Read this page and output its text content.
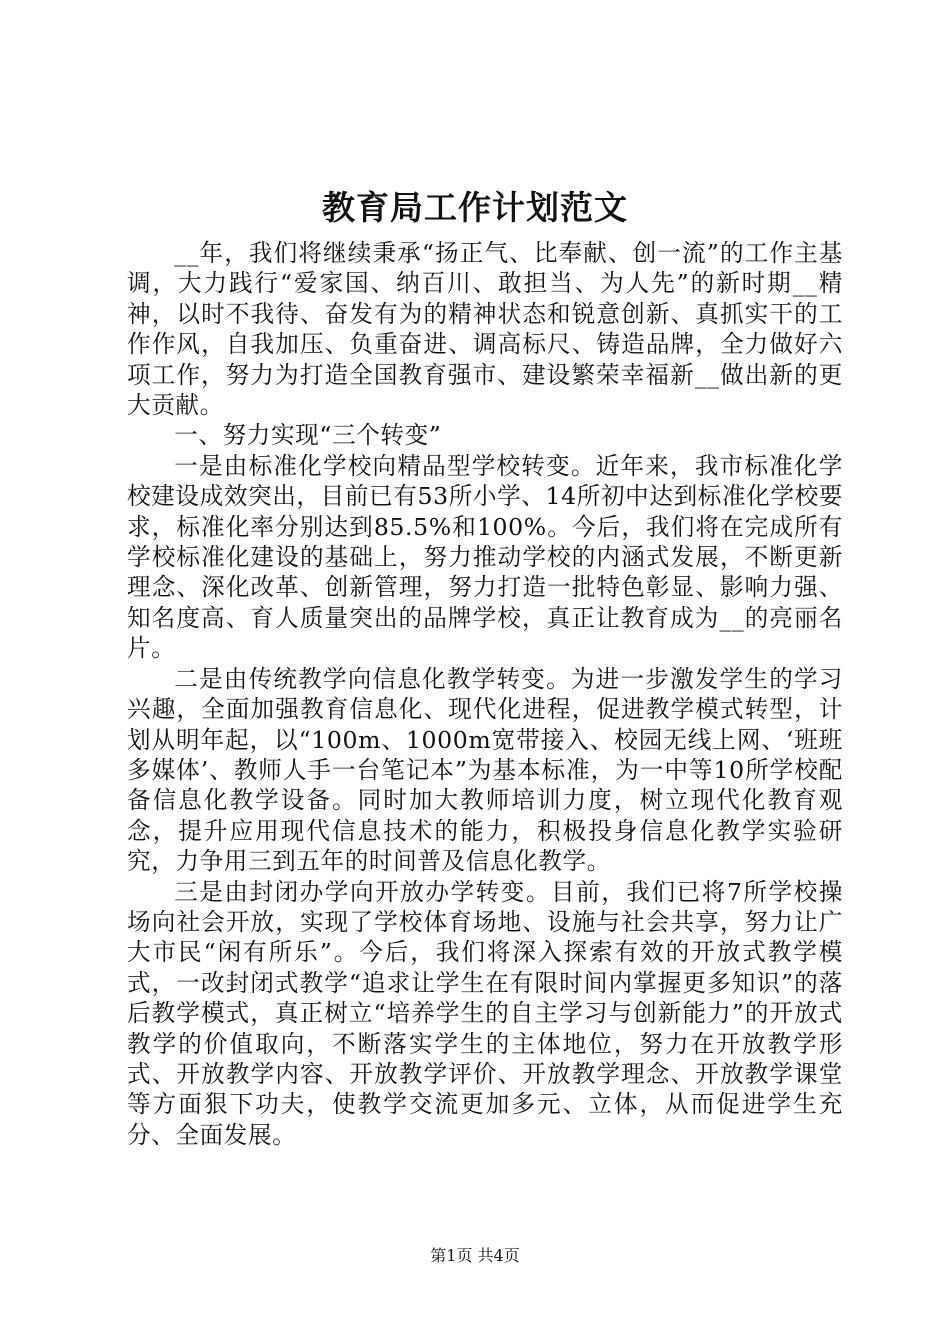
教育局工作计划范文

__年，我们将继续秉承“扬正气、比奉献、创一流”的工作主基调，大力践行“爱家国、纳百川、敢担当、为人先”的新时期__精神，以时不我待、奋发有为的精神状态和锐意创新、真抓实干的工作作风，自我加压、负重奋进、调高标尺、铸造品牌，全力做好六项工作，努力为打造全国教育强市、建设繁荣幸福新__做出新的更大贡献。

一、努力实现“三个转变”

一是由标准化学校向精品型学校转变。近年来，我市标准化学校建设成效突出，目前已有53所小学、14所初中达到标准化学校要求，标准化率分别达到85.5%和100%。今后，我们将在完成所有学校标准化建设的基础上，努力推动学校的内涵式发展，不断更新理念、深化改革、创新管理，努力打造一批特色彰显、影响力强、知名度高、育人质量突出的品牌学校，真正让教育成为__的亮丽名片。

二是由传统教学向信息化教学转变。为进一步激发学生的学习兴趣，全面加强教育信息化、现代化进程，促进教学模式转型，计划从明年起，以“100m、1000m宽带接入、校园无线上网、‘班班多媒体’、教师人手一台笔记本”为基本标准，为一中等10所学校配备信息化教学设备。同时加大教师培训力度，树立现代化教育观念，提升应用现代信息技术的能力，积极投身信息化教学实验研究，力争用三到五年的时间普及信息化教学。

三是由封闭办学向开放办学转变。目前，我们已将7所学校操场向社会开放，实现了学校体育场地、设施与社会共享，努力让广大市民“闲有所乐”。今后，我们将深入探索有效的开放式教学模式，一改封闭式教学“追求让学生在有限时间内掌握更多知识”的落后教学模式，真正树立“培养学生的自主学习与创新能力”的开放式教学的价值取向，不断落实学生的主体地位，努力在开放教学形式、开放教学内容、开放教学评价、开放教学理念、开放教学课堂等方面狠下功夫，使教学交流更加多元、立体，从而促进学生充分、全面发展。

第1页 共4页
